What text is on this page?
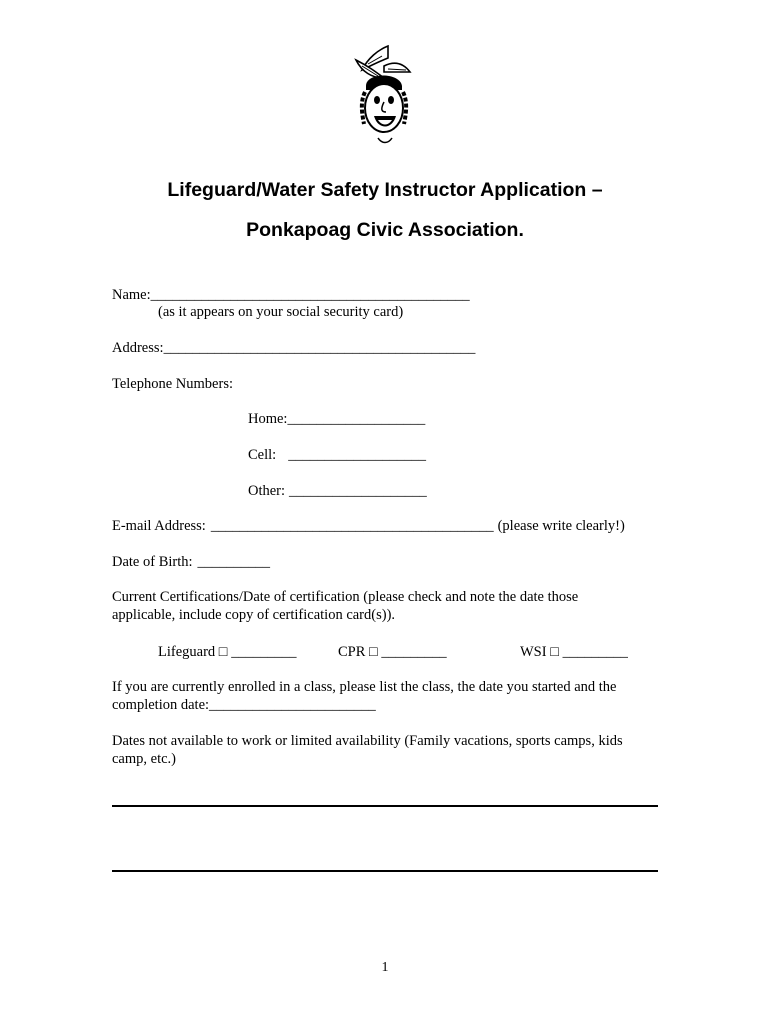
Lifeguard/Water Safety Instructor Application –
Ponkapoag Civic Association.
Name:____________________________________________
(as it appears on your social security card)
Address:___________________________________________
Telephone Numbers:
Home:___________________
Cell: ___________________
Other: ___________________
E-mail Address: _______________________________________ (please write clearly!)
Date of Birth: __________
Current Certifications/Date of certification (please check and note the date those
applicable, include copy of certification card(s)).
Lifeguard □ _________	CPR □ _________	WSI □ _________
If you are currently enrolled in a class, please list the class, the date you started and the
completion date:_______________________
Dates not available to work or limited availability (Family vacations, sports camps, kids
camp, etc.)
1
